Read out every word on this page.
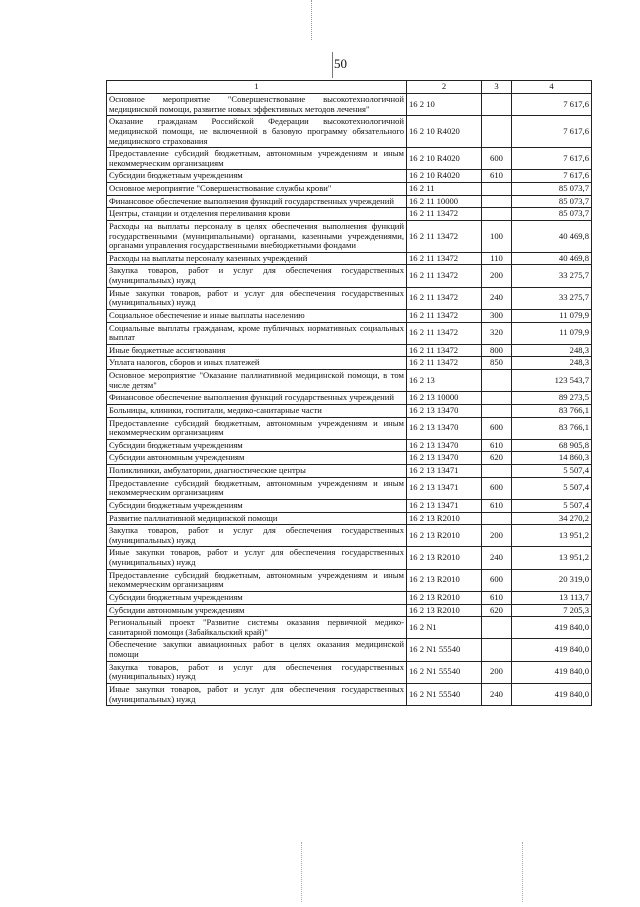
50
1	2	3	4
Основное мероприятие "Совершенствование высокотехнологичной медицинской помощи, развитие новых эффективных методов лечения"	16 2 10		7 617,6
Оказание гражданам Российской Федерации высокотехнологичной медицинской помощи, не включенной в базовую программу обязательного медицинского страхования	16 2 10 R4020		7 617,6
Предоставление субсидий бюджетным, автономным учреждениям и иным некоммерческим организациям	16 2 10 R4020	600	7 617,6
Субсидии бюджетным учреждениям	16 2 10 R4020	610	7 617,6
Основное мероприятие "Совершенствование службы крови"	16 2 11		85 073,7
Финансовое обеспечение выполнения функций государственных учреждений	16 2 11 10000		85 073,7
Центры, станции и отделения переливания крови	16 2 11 13472		85 073,7
Расходы на выплаты персоналу в целях обеспечения выполнения функций государственными (муниципальными) органами, казенными учреждениями, органами управления государственными внебюджетными фондами	16 2 11 13472	100	40 469,8
Расходы на выплаты персоналу казенных учреждений	16 2 11 13472	110	40 469,8
Закупка товаров, работ и услуг для обеспечения государственных (муниципальных) нужд	16 2 11 13472	200	33 275,7
Иные закупки товаров, работ и услуг для обеспечения государственных (муниципальных) нужд	16 2 11 13472	240	33 275,7
Социальное обеспечение и иные выплаты населению	16 2 11 13472	300	11 079,9
Социальные выплаты гражданам, кроме публичных нормативных социальных выплат	16 2 11 13472	320	11 079,9
Иные бюджетные ассигнования	16 2 11 13472	800	248,3
Уплата налогов, сборов и иных платежей	16 2 11 13472	850	248,3
Основное мероприятие "Оказание паллиативной медицинской помощи, в том числе детям"	16 2 13		123 543,7
Финансовое обеспечение выполнения функций государственных учреждений	16 2 13 10000		89 273,5
Больницы, клиники, госпитали, медико-санитарные части	16 2 13 13470		83 766,1
Предоставление субсидий бюджетным, автономным учреждениям и иным некоммерческим организациям	16 2 13 13470	600	83 766,1
Субсидии бюджетным учреждениям	16 2 13 13470	610	68 905,8
Субсидии автономным учреждениям	16 2 13 13470	620	14 860,3
Поликлиники, амбулатории, диагностические центры	16 2 13 13471		5 507,4
Предоставление субсидий бюджетным, автономным учреждениям и иным некоммерческим организациям	16 2 13 13471	600	5 507,4
Субсидии бюджетным учреждениям	16 2 13 13471	610	5 507,4
Развитие паллиативной медицинской помощи	16 2 13 R2010		34 270,2
Закупка товаров, работ и услуг для обеспечения государственных (муниципальных) нужд	16 2 13 R2010	200	13 951,2
Иные закупки товаров, работ и услуг для обеспечения государственных (муниципальных) нужд	16 2 13 R2010	240	13 951,2
Предоставление субсидий бюджетным, автономным учреждениям и иным некоммерческим организациям	16 2 13 R2010	600	20 319,0
Субсидии бюджетным учреждениям	16 2 13 R2010	610	13 113,7
Субсидии автономным учреждениям	16 2 13 R2010	620	7 205,3
Региональный проект "Развитие системы оказания первичной медико-санитарной помощи (Забайкальский край)"	16 2 N1		419 840,0
Обеспечение закупки авиационных работ в целях оказания медицинской помощи	16 2 N1 55540		419 840,0
Закупка товаров, работ и услуг для обеспечения государственных (муниципальных) нужд	16 2 N1 55540	200	419 840,0
Иные закупки товаров, работ и услуг для обеспечения государственных (муниципальных) нужд	16 2 N1 55540	240	419 840,0
